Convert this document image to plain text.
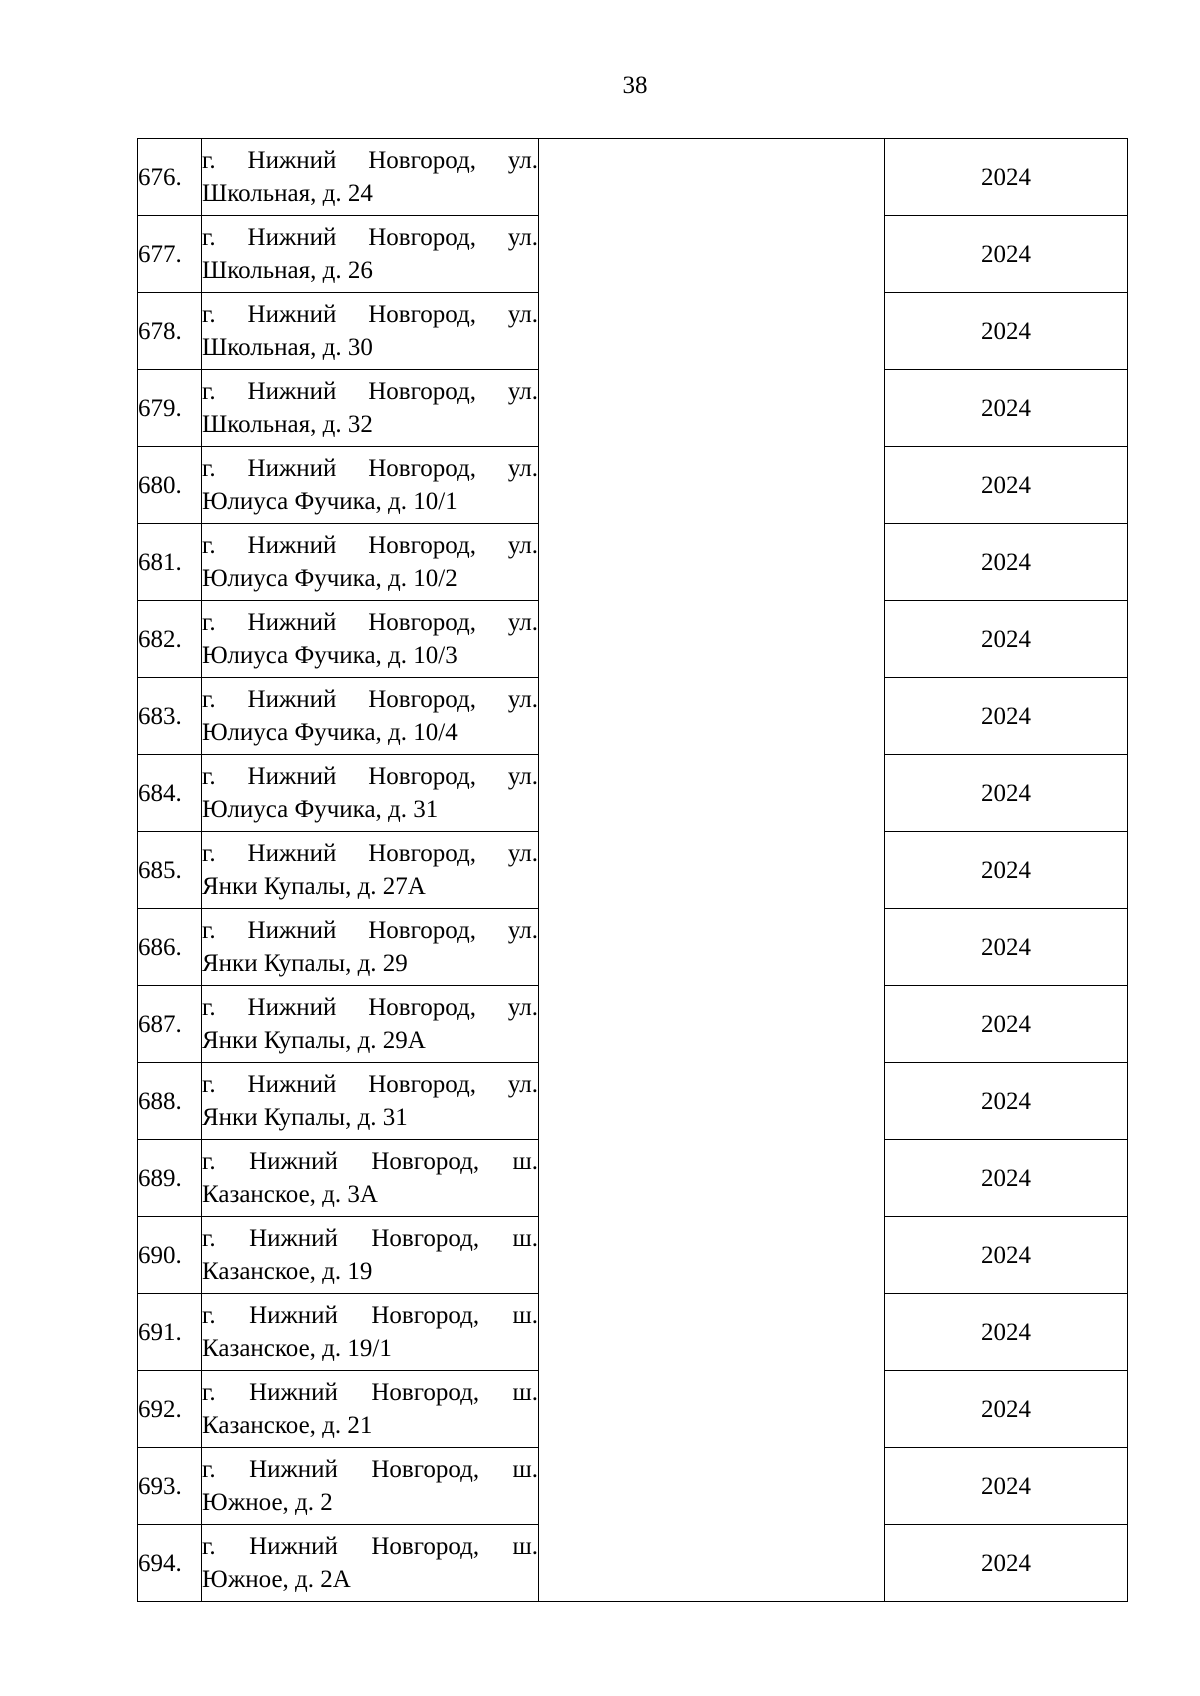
38
676.	г. Нижний Новгород, ул.
Школьная, д. 24		2024
677.	г. Нижний Новгород, ул.
Школьная, д. 26		2024
678.	г. Нижний Новгород, ул.
Школьная, д. 30		2024
679.	г. Нижний Новгород, ул.
Школьная, д. 32		2024
680.	г. Нижний Новгород, ул.
Юлиуса Фучика, д. 10/1		2024
681.	г. Нижний Новгород, ул.
Юлиуса Фучика, д. 10/2		2024
682.	г. Нижний Новгород, ул.
Юлиуса Фучика, д. 10/3		2024
683.	г. Нижний Новгород, ул.
Юлиуса Фучика, д. 10/4		2024
684.	г. Нижний Новгород, ул.
Юлиуса Фучика, д. 31		2024
685.	г. Нижний Новгород, ул.
Янки Купалы, д. 27А		2024
686.	г. Нижний Новгород, ул.
Янки Купалы, д. 29		2024
687.	г. Нижний Новгород, ул.
Янки Купалы, д. 29А		2024
688.	г. Нижний Новгород, ул.
Янки Купалы, д. 31		2024
689.	г. Нижний Новгород, ш.
Казанское, д. 3А		2024
690.	г. Нижний Новгород, ш.
Казанское, д. 19		2024
691.	г. Нижний Новгород, ш.
Казанское, д. 19/1		2024
692.	г. Нижний Новгород, ш.
Казанское, д. 21		2024
693.	г. Нижний Новгород, ш.
Южное, д. 2		2024
694.	г. Нижний Новгород, ш.
Южное, д. 2А		2024
